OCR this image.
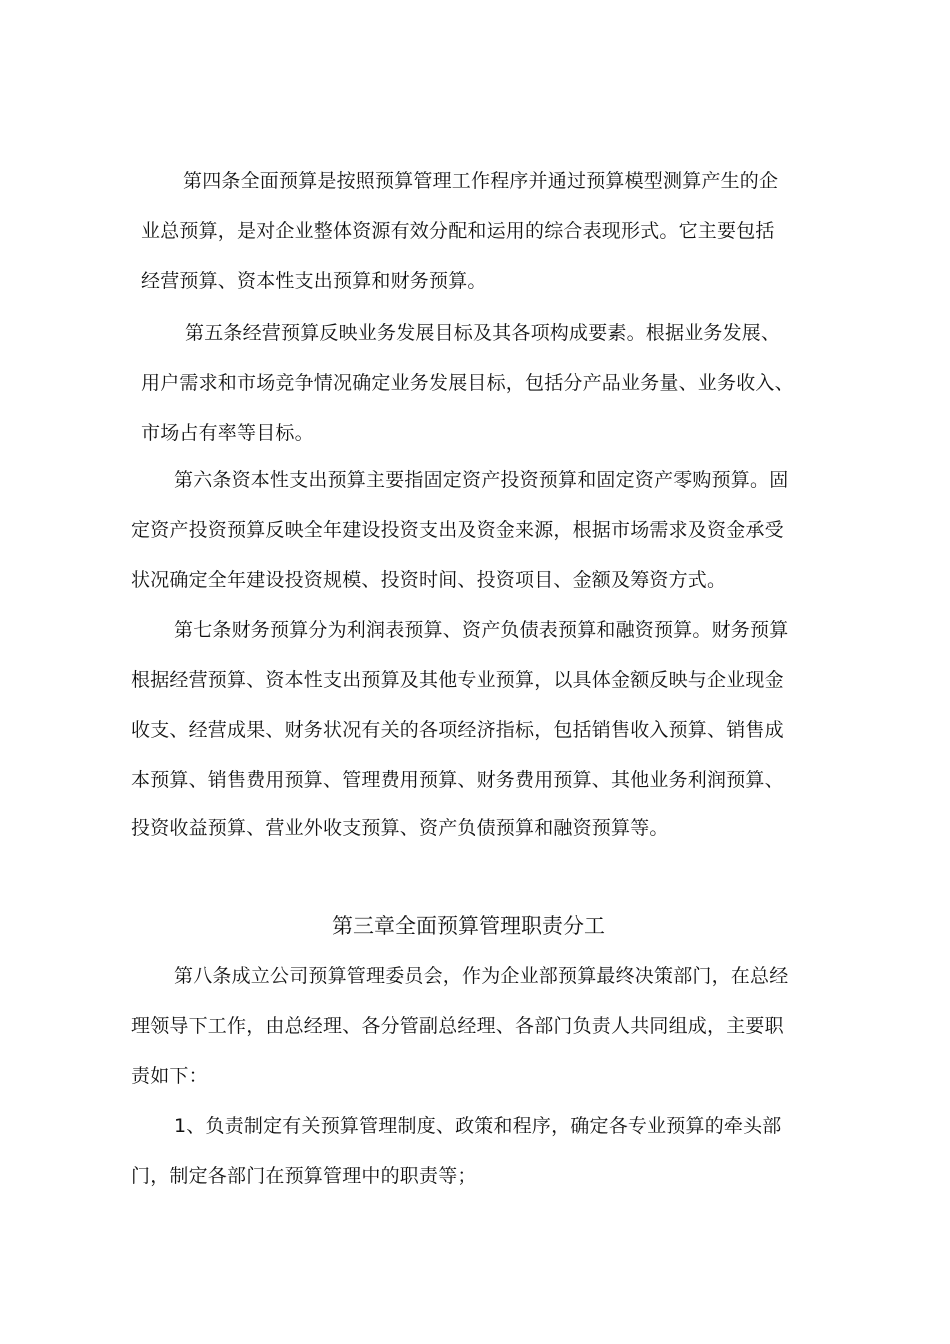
第四条全面预算是按照预算管理工作程序并通过预算模型测算产生的企
业总预算，是对企业整体资源有效分配和运用的综合表现形式。它主要包括
经营预算、资本性支出预算和财务预算。
第五条经营预算反映业务发展目标及其各项构成要素。根据业务发展、
用户需求和市场竞争情况确定业务发展目标，包括分产品业务量、业务收入、
市场占有率等目标。
第六条资本性支出预算主要指固定资产投资预算和固定资产零购预算。固
定资产投资预算反映全年建设投资支出及资金来源，根据市场需求及资金承受
状况确定全年建设投资规模、投资时间、投资项目、金额及筹资方式。
第七条财务预算分为利润表预算、资产负债表预算和融资预算。财务预算
根据经营预算、资本性支出预算及其他专业预算，以具体金额反映与企业现金
收支、经营成果、财务状况有关的各项经济指标，包括销售收入预算、销售成
本预算、销售费用预算、管理费用预算、财务费用预算、其他业务利润预算、
投资收益预算、营业外收支预算、资产负债预算和融资预算等。
第三章全面预算管理职责分工
第八条成立公司预算管理委员会，作为企业部预算最终决策部门，在总经
理领导下工作，由总经理、各分管副总经理、各部门负责人共同组成，主要职
责如下：
1、负责制定有关预算管理制度、政策和程序，确定各专业预算的牵头部
门，制定各部门在预算管理中的职责等；
